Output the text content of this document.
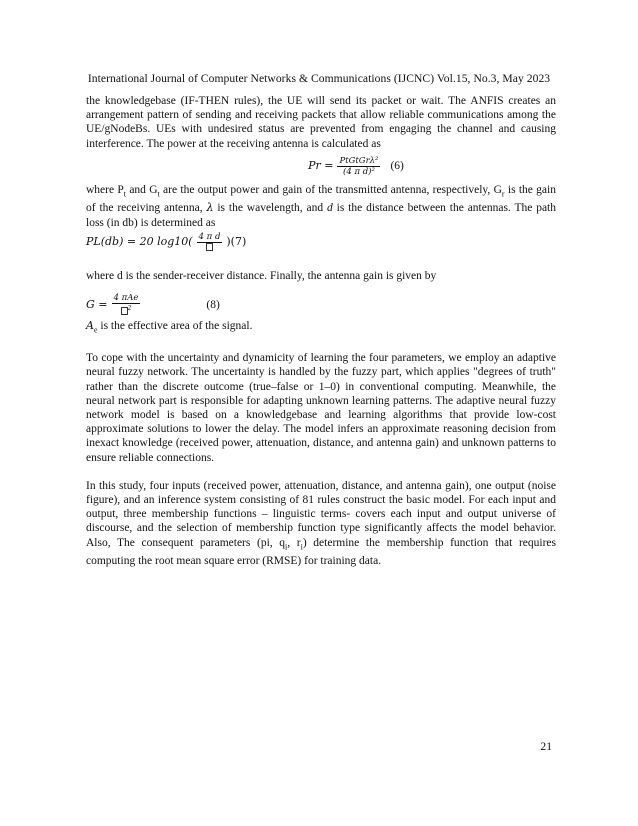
International Journal of Computer Networks & Communications (IJCNC) Vol.15, No.3, May 2023

the knowledgebase (IF-THEN rules), the UE will send its packet or wait. The ANFIS creates an arrangement pattern of sending and receiving packets that allow reliable communications among the UE/gNodeBs. UEs with undesired status are prevented from engaging the channel and causing interference. The power at the receiving antenna is calculated as

$Pr = \frac{\text{PtGtGrλ²}}{\text{(4 π d)²}} (6)$

where $P_t$ and $G_t$ are the output power and gain of the transmitted antenna, respectively, $G_r$ is the gain of the receiving antenna, λ is the wavelength, and d is the distance between the antennas. The path loss (in db) is determined as

PL(db) = 20 log10( 4 π d )(7)

where d is the sender-receiver distance. Finally, the antenna gain is given by

$G = \frac{\text{4 πAe}}{^2}$	(8)

$A_e$ is the effective area of the signal.

To cope with the uncertainty and dynamicity of learning the four parameters, we employ an adaptive neural fuzzy network. The uncertainty is handled by the fuzzy part, which applies "degrees of truth" rather than the discrete outcome (true–false or 1–0) in conventional computing. Meanwhile, the neural network part is responsible for adapting unknown learning patterns. The adaptive neural fuzzy network model is based on a knowledgebase and learning algorithms that provide low-cost approximate solutions to lower the delay. The model infers an approximate reasoning decision from inexact knowledge (received power, attenuation, distance, and antenna gain) and unknown patterns to ensure reliable connections.

In this study, four inputs (received power, attenuation, distance, and antenna gain), one output (noise figure), and an inference system consisting of 81 rules construct the basic model. For each input and output, three membership functions – linguistic terms- covers each input and output universe of discourse, and the selection of membership function type significantly affects the model behavior. Also, The consequent parameters (pi, $q_i$, $r_i$) determine the membership function that requires computing the root mean square error (RMSE) for training data.

21
